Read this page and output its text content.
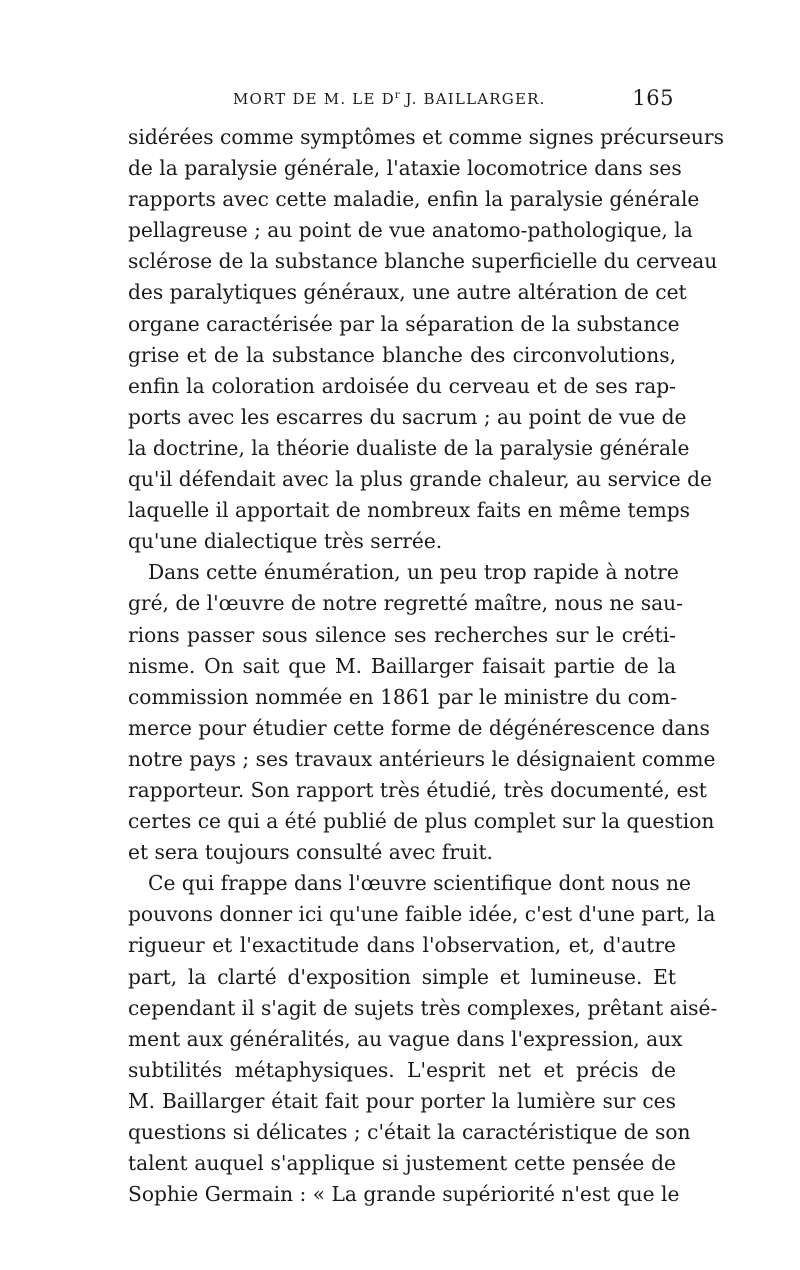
MORT DE M. LE $D^r$ J. BAILLARGER.	165
sidérées comme symptômes et comme signes précurseurs
de la paralysie générale, l'ataxie locomotrice dans ses
rapports avec cette maladie, enfin la paralysie générale
pellagreuse ; au point de vue anatomo-pathologique, la
sclérose de la substance blanche superficielle du cerveau
des paralytiques généraux, une autre altération de cet
organe caractérisée par la séparation de la substance
grise et de la substance blanche des circonvolutions,
enfin la coloration ardoisée du cerveau et de ses rap-
ports avec les escarres du sacrum ; au point de vue de
la doctrine, la théorie dualiste de la paralysie générale
qu'il défendait avec la plus grande chaleur, au service de
laquelle il apportait de nombreux faits en même temps
qu'une dialectique très serrée.
Dans cette énumération, un peu trop rapide à notre
gré, de l'œuvre de notre regretté maître, nous ne sau-
rions passer sous silence ses recherches sur le créti-
nisme. On sait que M. Baillarger faisait partie de la
commission nommée en 1861 par le ministre du com-
merce pour étudier cette forme de dégénérescence dans
notre pays ; ses travaux antérieurs le désignaient comme
rapporteur. Son rapport très étudié, très documenté, est
certes ce qui a été publié de plus complet sur la question
et sera toujours consulté avec fruit.
Ce qui frappe dans l'œuvre scientifique dont nous ne
pouvons donner ici qu'une faible idée, c'est d'une part, la
rigueur et l'exactitude dans l'observation, et, d'autre
part, la clarté d'exposition simple et lumineuse. Et
cependant il s'agit de sujets très complexes, prêtant aisé-
ment aux généralités, au vague dans l'expression, aux
subtilités métaphysiques. L'esprit net et précis de
M. Baillarger était fait pour porter la lumière sur ces
questions si délicates ; c'était la caractéristique de son
talent auquel s'applique si justement cette pensée de
Sophie Germain : « La grande supériorité n'est que le
